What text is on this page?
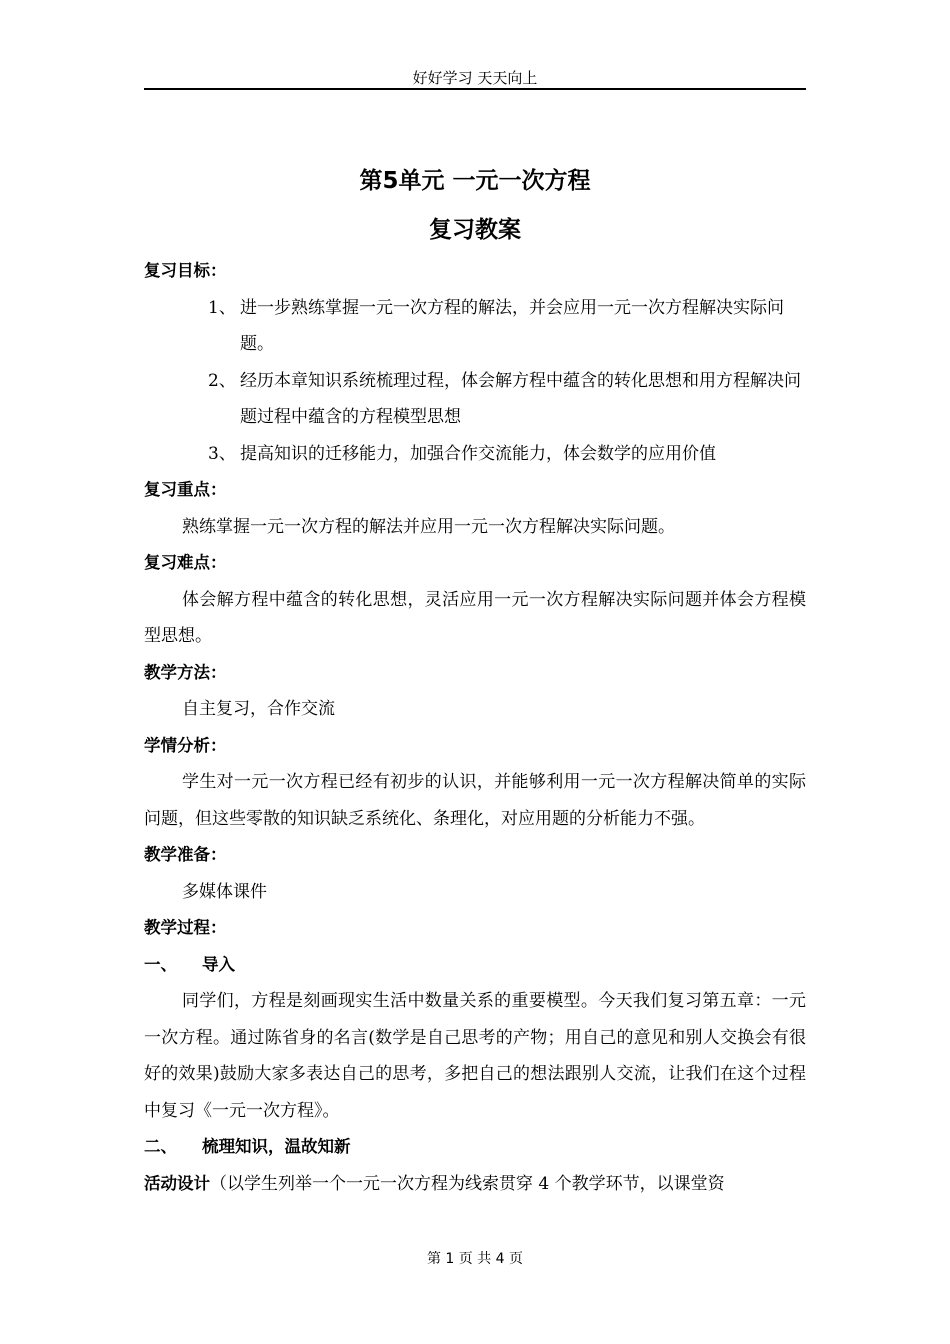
好好学习 天天向上
第5单元 一元一次方程
复习教案
复习目标：
1、 进一步熟练掌握一元一次方程的解法，并会应用一元一次方程解决实际问题。
2、 经历本章知识系统梳理过程，体会解方程中蕴含的转化思想和用方程解决问题过程中蕴含的方程模型思想
3、 提高知识的迁移能力，加强合作交流能力，体会数学的应用价值
复习重点：
熟练掌握一元一次方程的解法并应用一元一次方程解决实际问题。
复习难点：
体会解方程中蕴含的转化思想，灵活应用一元一次方程解决实际问题并体会方程模型思想。
教学方法：
自主复习，合作交流
学情分析：
学生对一元一次方程已经有初步的认识，并能够利用一元一次方程解决简单的实际问题，但这些零散的知识缺乏系统化、条理化，对应用题的分析能力不强。
教学准备：
多媒体课件
教学过程：
一、	导入
同学们，方程是刻画现实生活中数量关系的重要模型。今天我们复习第五章：一元一次方程。通过陈省身的名言(数学是自己思考的产物；用自己的意见和别人交换会有很好的效果)鼓励大家多表达自己的思考，多把自己的想法跟别人交流，让我们在这个过程中复习《一元一次方程》。
二、	梳理知识，温故知新
活动设计（以学生列举一个一元一次方程为线索贯穿 4 个教学环节，以课堂资
第 1 页 共 4 页
